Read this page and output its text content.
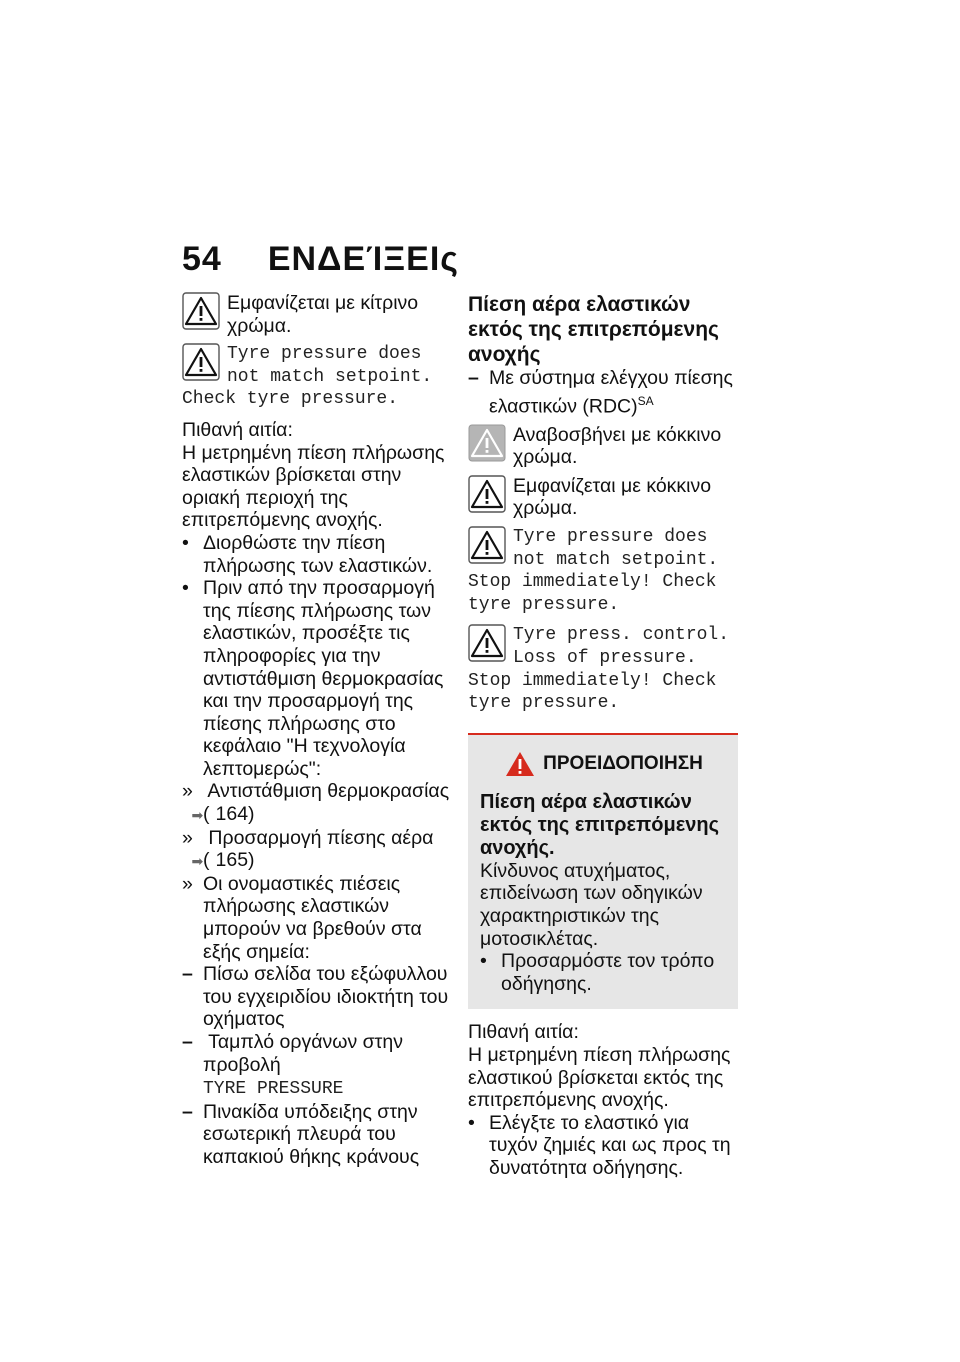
54 ΕΝΔΕΊΞΕΙς
Εμφανίζεται με κίτρινο χρώμα.
Tyre pressure does
not match setpoint.
Check tyre pressure.

Πιθανή αιτία:

Η μετρημένη πίεση πλήρωσης ελαστικών βρίσκεται στην οριακή περιοχή της επιτρεπόμενης ανοχής.

• Διορθώστε την πίεση πλήρωσης των ελαστικών.

• Πριν από την προσαρμογή της πίεσης πλήρωσης των ελαστικών, προσέξτε τις πληροφορίες για την αντιστάθμιση θερμοκρασίας και την προσαρμογή της πίεσης πλήρωσης στο κεφάλαιο "Η τεχνολογία λεπτομερώς":

» Αντιστάθμιση θερμοκρασίας
(➡ 164)

» Προσαρμογή πίεσης αέρα
(➡ 165)

» Οι ονομαστικές πιέσεις πλήρωσης ελαστικών μπορούν να βρεθούν στα εξής σημεία:

– Πίσω σελίδα του εξώφυλλου του εγχειριδίου ιδιοκτήτη του οχήματος

– Ταμπλό οργάνων στην προβολή
TYRE PRESSURE

– Πινακίδα υπόδειξης στην εσωτερική πλευρά του καπακιού θήκης κράνους

Πίεση αέρα ελαστικών εκτός της επιτρεπόμενης ανοχής

– Με σύστημα ελέγχου πίεσης ελαστικών (RDC)$^{SA}$

Αναβοσβήνει με κόκκινο χρώμα.
Εμφανίζεται με κόκκινο χρώμα.
Tyre pressure does
not match setpoint.
Stop immediately! Check
tyre pressure.
Tyre press. control.
Loss of pressure.
Stop immediately! Check
tyre pressure.
ΠΡΟΕΙΔΟΠΟΙΗΣΗ
Πίεση αέρα ελαστικών εκτός της επιτρεπόμενης ανοχής.

Κίνδυνος ατυχήματος, επιδείνωση των οδηγικών χαρακτηριστικών της μοτοσικλέτας.

• Προσαρμόστε τον τρόπο οδήγησης.

Πιθανή αιτία:

Η μετρημένη πίεση πλήρωσης ελαστικού βρίσκεται εκτός της επιτρεπόμενης ανοχής.

• Ελέγξτε το ελαστικό για τυχόν ζημιές και ως προς τη δυνατότητα οδήγησης.
